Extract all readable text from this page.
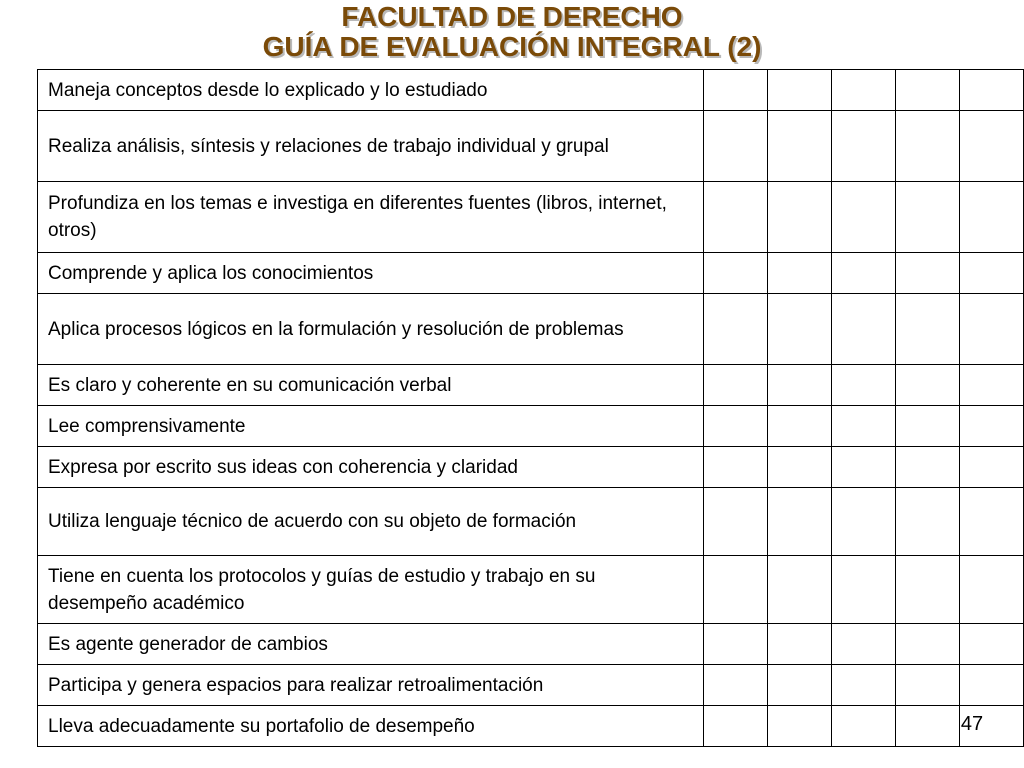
FACULTAD DE DERECHO
GUÍA DE EVALUACIÓN INTEGRAL (2)
Maneja conceptos desde lo explicado y lo estudiado					
Realiza análisis, síntesis y relaciones de trabajo individual y grupal					
Profundiza en los temas e investiga en diferentes fuentes (libros, internet, otros)					
Comprende y aplica los conocimientos					
Aplica procesos lógicos en la formulación y resolución de problemas					
Es claro y coherente en su comunicación verbal					
Lee comprensivamente					
Expresa por escrito sus ideas con coherencia y claridad					
Utiliza lenguaje técnico de acuerdo con su objeto de formación					
Tiene en cuenta los protocolos y guías de estudio y trabajo en su desempeño académico					
Es agente generador de cambios					
Participa y genera espacios para realizar retroalimentación					
Lleva adecuadamente su portafolio de desempeño						47
